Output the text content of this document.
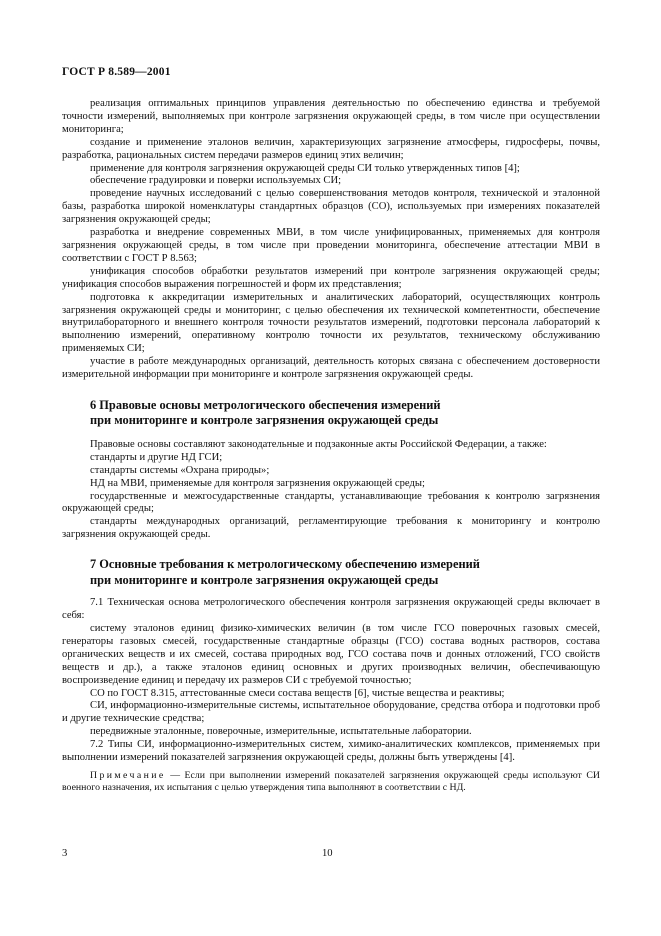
ГОСТ Р 8.589—2001

реализация оптимальных принципов управления деятельностью по обеспечению единства и требуемой точности измерений, выполняемых при контроле загрязнения окружающей среды, в том числе при осуществлении мониторинга;

создание и применение эталонов величин, характеризующих загрязнение атмосферы, гидросферы, почвы, разработка, рациональных систем передачи размеров единиц этих величин;

применение для контроля загрязнения окружающей среды СИ только утвержденных типов [4];

обеспечение градуировки и поверки используемых СИ;

проведение научных исследований с целью совершенствования методов контроля, технической и эталонной базы, разработка широкой номенклатуры стандартных образцов (СО), используемых при измерениях показателей загрязнения окружающей среды;

разработка и внедрение современных МВИ, в том числе унифицированных, применяемых для контроля загрязнения окружающей среды, в том числе при проведении мониторинга, обеспечение аттестации МВИ в соответствии с ГОСТ Р 8.563;

унификация способов обработки результатов измерений при контроле загрязнения окружающей среды; унификация способов выражения погрешностей и форм их представления;

подготовка к аккредитации измерительных и аналитических лабораторий, осуществляющих контроль загрязнения окружающей среды и мониторинг, с целью обеспечения их технической компетентности, обеспечение внутрилабораторного и внешнего контроля точности результатов измерений, подготовки персонала лабораторий к выполнению измерений, оперативному контролю точности их результатов, техническому обслуживанию применяемых СИ;

участие в работе международных организаций, деятельность которых связана с обеспечением достоверности измерительной информации при мониторинге и контроле загрязнения окружающей среды.

6 Правовые основы метрологического обеспечения измерений
при мониторинге и контроле загрязнения окружающей среды

Правовые основы составляют законодательные и подзаконные акты Российской Федерации, а также:

стандарты и другие НД ГСИ;

стандарты системы «Охрана природы»;

НД на МВИ, применяемые для контроля загрязнения окружающей среды;

государственные и межгосударственные стандарты, устанавливающие требования к контролю загрязнения окружающей среды;

стандарты международных организаций, регламентирующие требования к мониторингу и контролю загрязнения окружающей среды.

7 Основные требования к метрологическому обеспечению измерений
при мониторинге и контроле загрязнения окружающей среды

7.1 Техническая основа метрологического обеспечения контроля загрязнения окружающей среды включает в себя:

систему эталонов единиц физико-химических величин (в том числе ГСО поверочных газовых смесей, генераторы газовых смесей, государственные стандартные образцы (ГСО) состава водных растворов, состава органических веществ и их смесей, состава природных вод, ГСО состава почв и донных отложений, ГСО свойств веществ и др.), а также эталонов единиц основных и других производных величин, обеспечивающую воспроизведение единиц и передачу их размеров СИ с требуемой точностью;

СО по ГОСТ 8.315, аттестованные смеси состава веществ [6], чистые вещества и реактивы;

СИ, информационно-измерительные системы, испытательное оборудование, средства отбора и подготовки проб и другие технические средства;

передвижные эталонные, поверочные, измерительные, испытательные лаборатории.

7.2 Типы СИ, информационно-измерительных систем, химико-аналитических комплексов, применяемых при выполнении измерений показателей загрязнения окружающей среды, должны быть утверждены [4].

Примечание — Если при выполнении измерений показателей загрязнения окружающей среды используют СИ военного назначения, их испытания с целью утверждения типа выполняют в соответствии с НД.

3	10
